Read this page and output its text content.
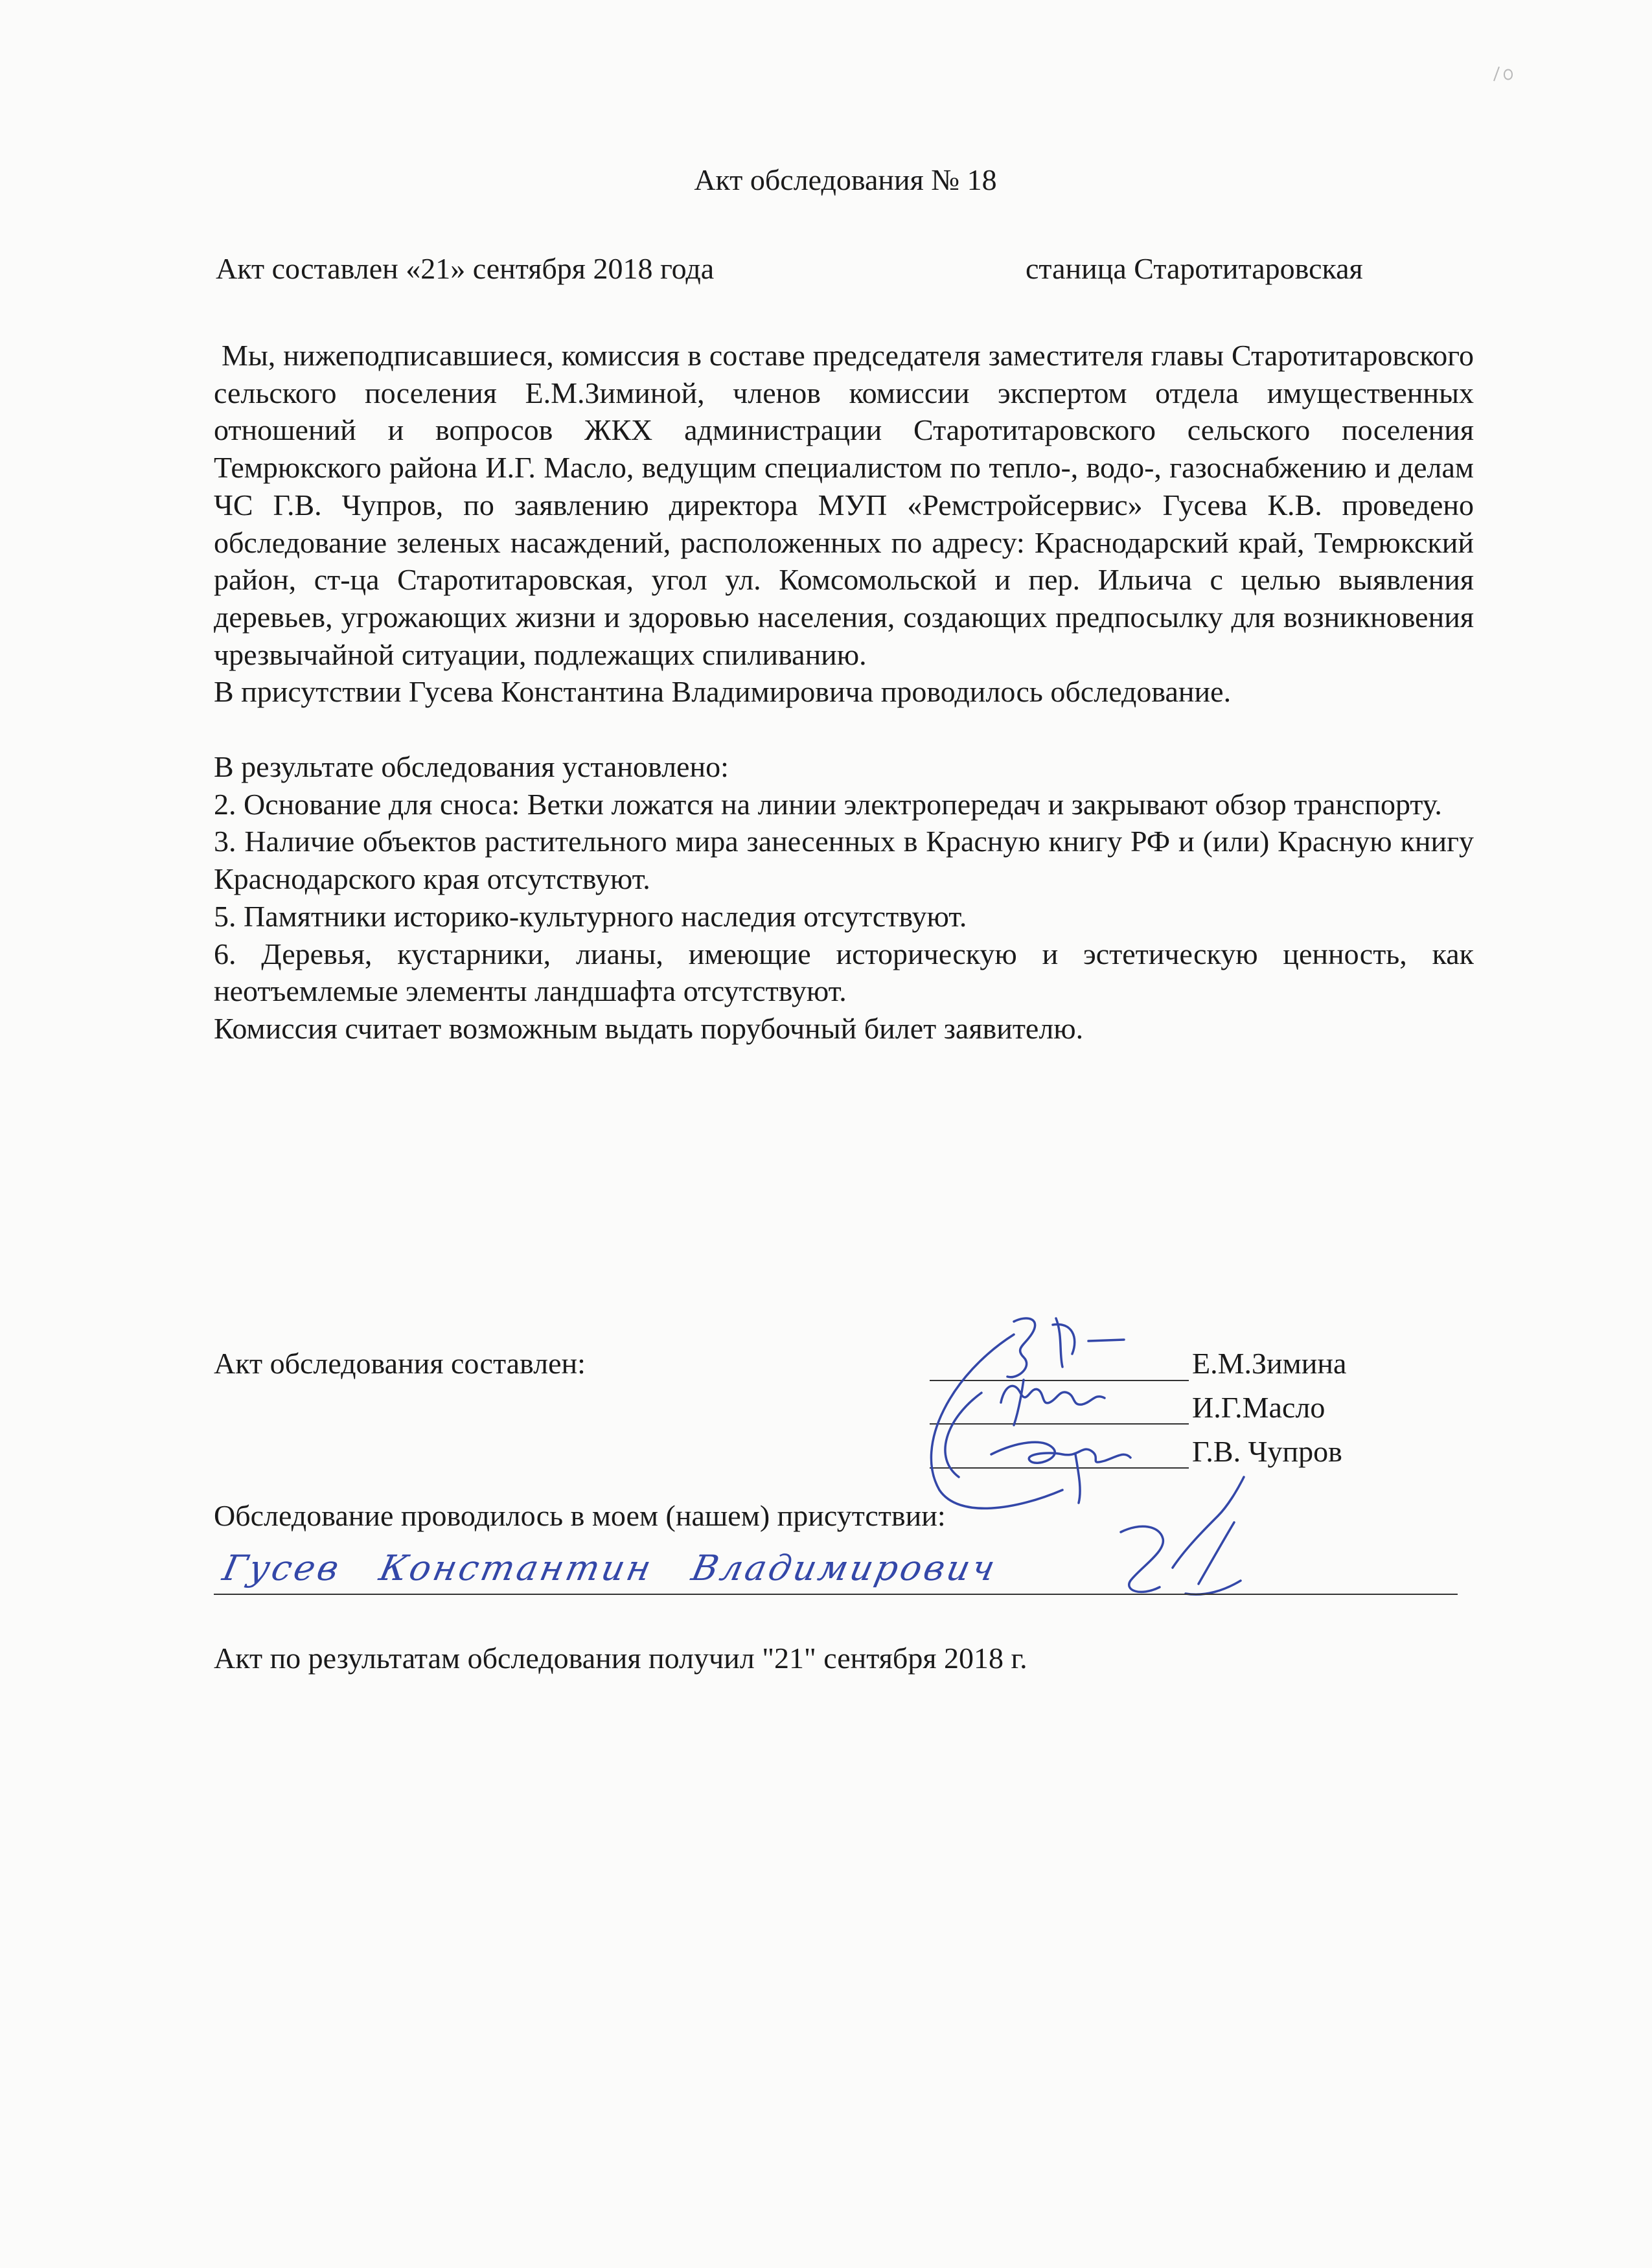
Акт обследования № 18
Акт составлен «21» сентября 2018 года	станица Старотитаровская

Мы, нижеподписавшиеся, комиссия в составе председателя заместителя главы Старотитаровского сельского поселения Е.М.Зиминой, членов комиссии экспертом отдела имущественных отношений и вопросов ЖКХ администрации Старотитаровского сельского поселения Темрюкского района И.Г. Масло, ведущим специалистом по тепло-, водо-, газоснабжению и делам ЧС Г.В. Чупров, по заявлению директора МУП «Ремстройсервис» Гусева К.В. проведено обследование зеленых насаждений, расположенных по адресу: Краснодарский край, Темрюкский район, ст-ца Старотитаровская, угол ул. Комсомольской и пер. Ильича с целью выявления деревьев, угрожающих жизни и здоровью населения, создающих предпосылку для возникновения чрезвычайной ситуации, подлежащих спиливанию.

В присутствии Гусева Константина Владимировича проводилось обследование.

В результате обследования установлено:

2. Основание для сноса: Ветки ложатся на линии электропередач и закрывают обзор транспорту.

3. Наличие объектов растительного мира занесенных в Красную книгу РФ и (или) Красную книгу Краснодарского края отсутствуют.

5. Памятники историко-культурного наследия отсутствуют.

6. Деревья, кустарники, лианы, имеющие историческую и эстетическую ценность, как неотъемлемые элементы ландшафта отсутствуют.

Комиссия считает возможным выдать порубочный билет заявителю.

Акт обследования составлен:	Е.М.Зимина
И.Г.Масло
Г.В. Чупров
Обследование проводилось в моем (нашем) присутствии:
Гусев Константин Владимирович
Акт по результатам обследования получил "21" сентября 2018 г.
